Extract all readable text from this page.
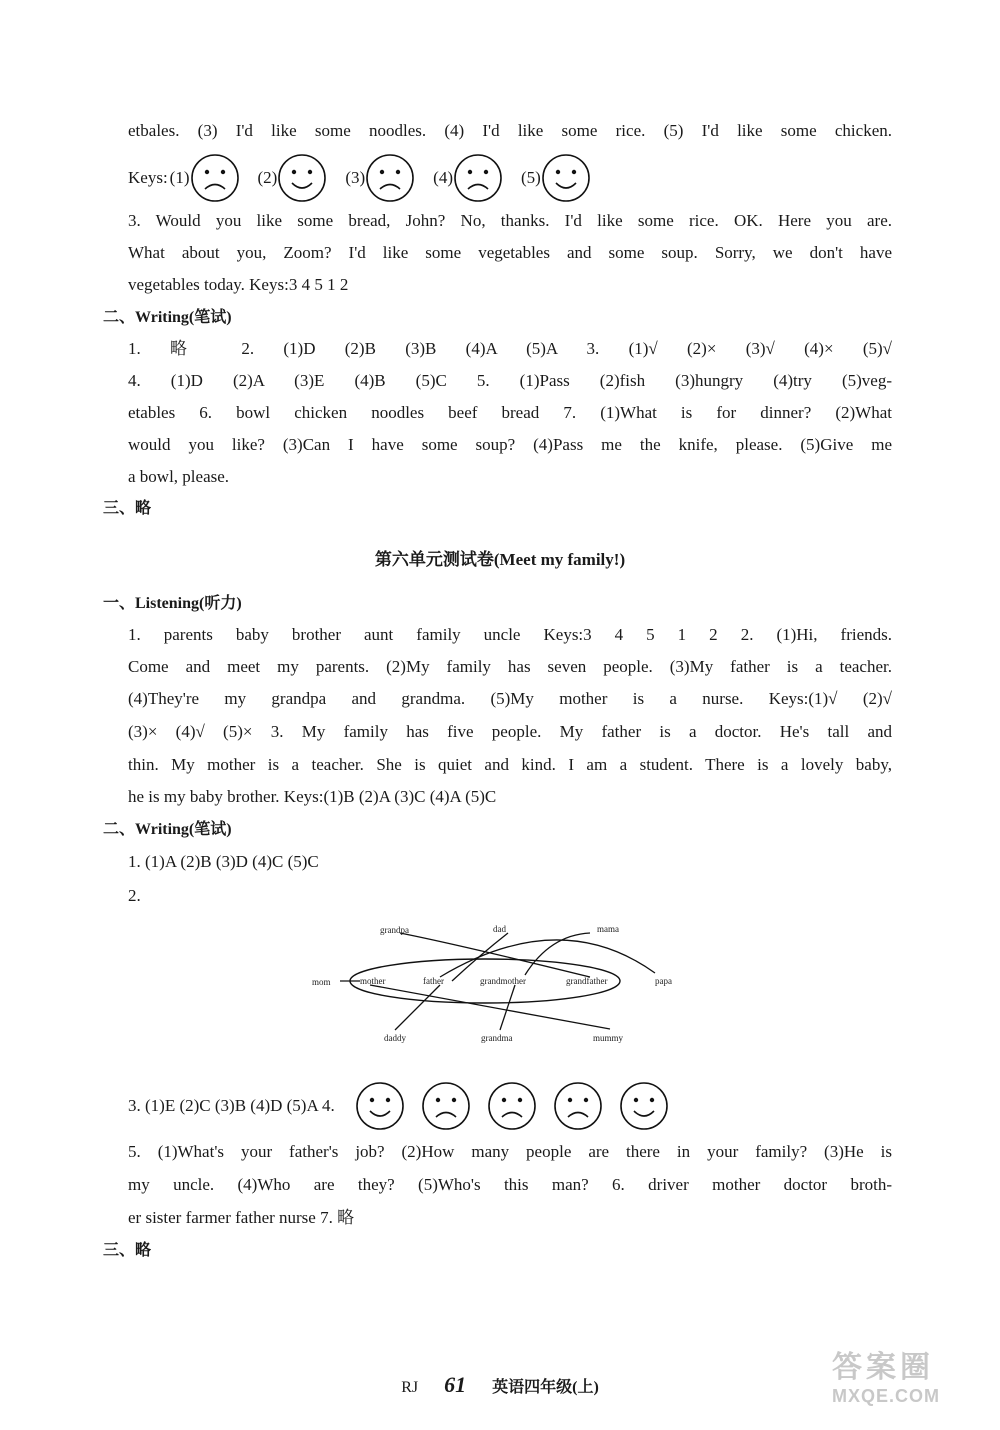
etbales. (3) I'd like some noodles. (4) I'd like some rice. (5) I'd like some chicken.
Keys: (1)	(2)	(3)	(4)	(5)
3. Would you like some bread, John? No, thanks. I'd like some rice. OK. Here you are.
What about you, Zoom? I'd like some vegetables and some soup. Sorry, we don't have
vegetables today. Keys:3 4 5 1 2
二、Writing(笔试)
1. 略 2. (1)D (2)B (3)B (4)A (5)A 3. (1)√ (2)× (3)√ (4)× (5)√
4. (1)D (2)A (3)E (4)B (5)C 5. (1)Pass (2)fish (3)hungry (4)try (5)veg-
etables 6. bowl chicken noodles beef bread 7. (1)What is for dinner? (2)What
would you like? (3)Can I have some soup? (4)Pass me the knife, please. (5)Give me
a bowl, please.
三、略
第六单元测试卷(Meet my family!)
一、Listening(听力)
1. parents baby brother aunt family uncle Keys:3 4 5 1 2 2. (1)Hi, friends.
Come and meet my parents. (2)My family has seven people. (3)My father is a teacher.
(4)They're my grandpa and grandma. (5)My mother is a nurse. Keys:(1)√ (2)√
(3)× (4)√ (5)× 3. My family has five people. My father is a doctor. He's tall and
thin. My mother is a teacher. She is quiet and kind. I am a student. There is a lovely baby,
he is my baby brother. Keys:(1)B (2)A (3)C (4)A (5)C
二、Writing(笔试)
1. (1)A (2)B (3)D (4)C (5)C
2.
grandpa	dad	mama
mom	mother	father	grandmother	grandfather	papa
daddy	grandma	mummy
3. (1)E (2)C (3)B (4)D (5)A 4.
5. (1)What's your father's job? (2)How many people are there in your family? (3)He is
my uncle. (4)Who are they? (5)Who's this man? 6. driver mother doctor broth-
er sister farmer father nurse 7. 略
三、略
RJ 61 英语四年级(上)
答案圈
MXQE.COM
